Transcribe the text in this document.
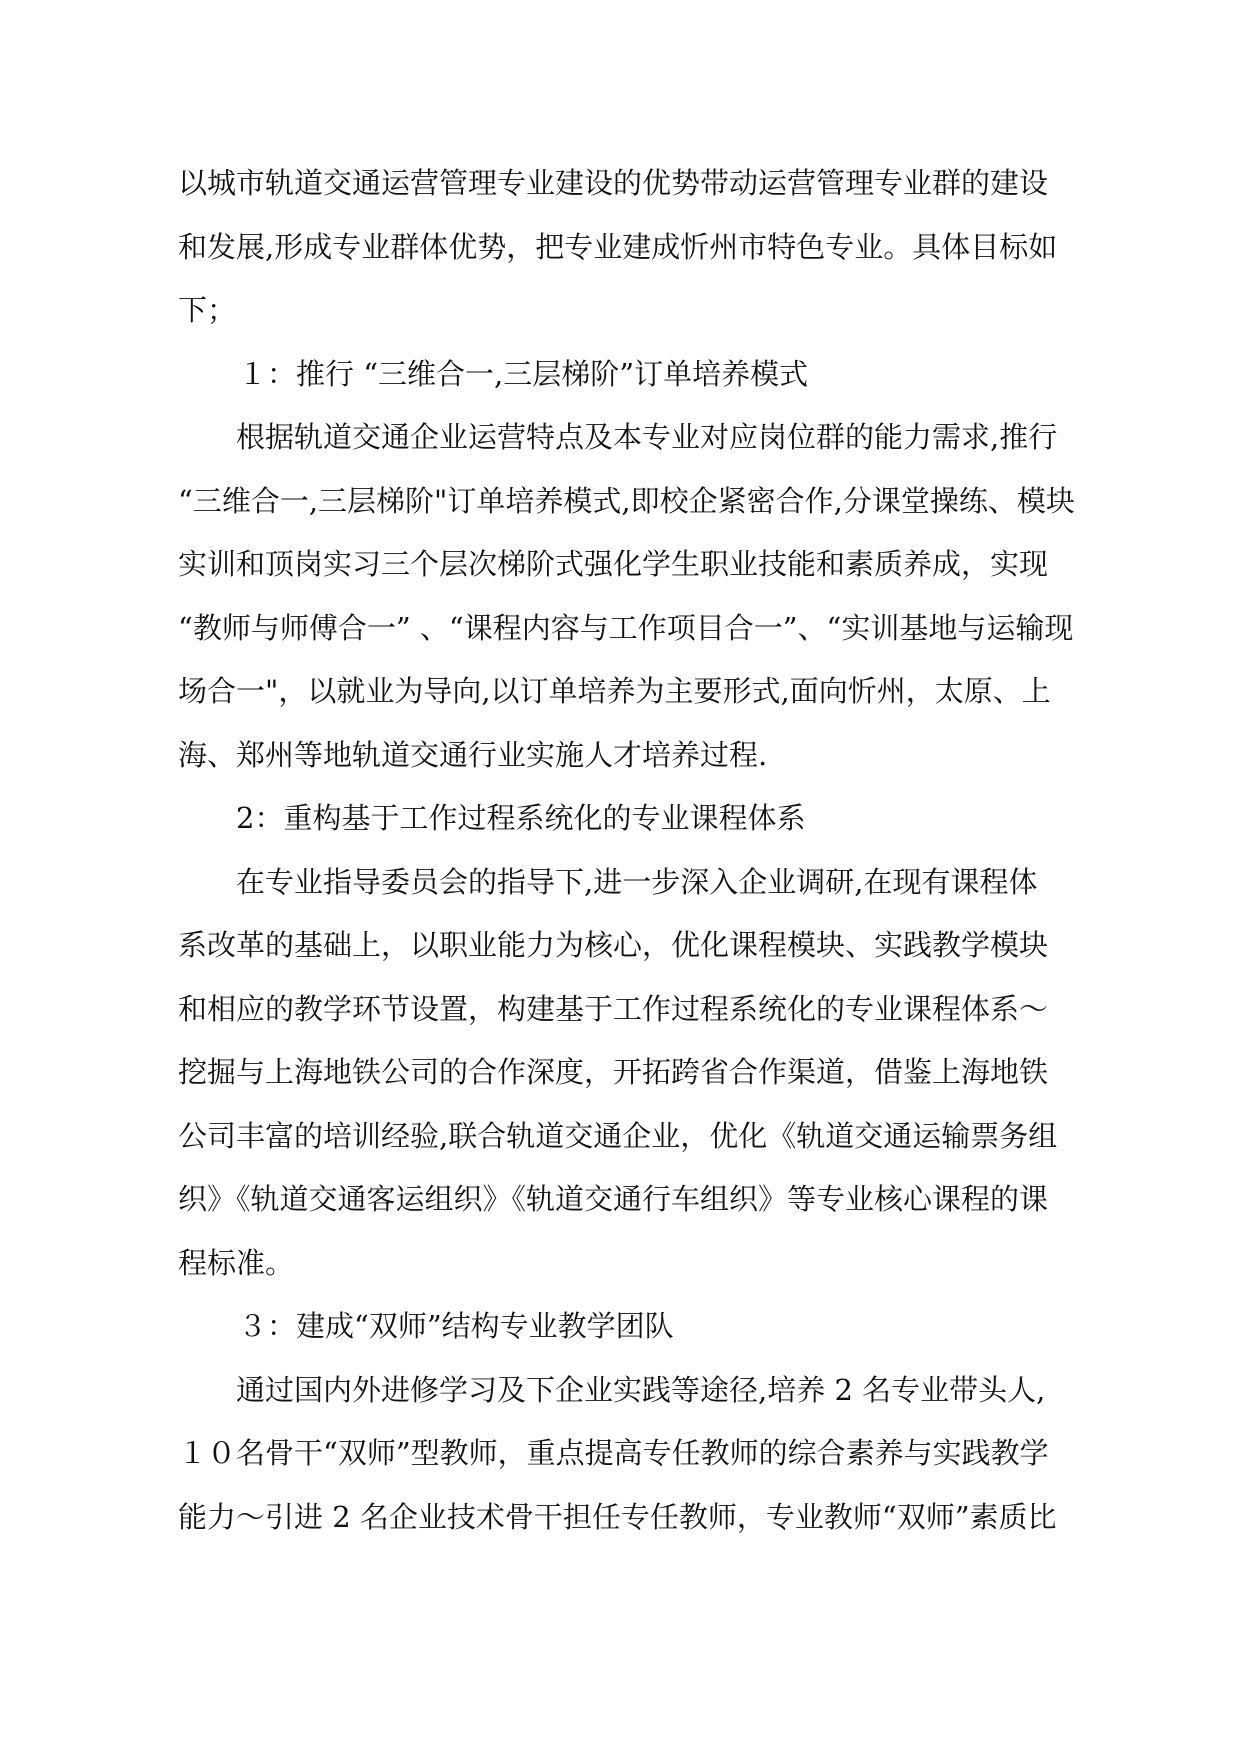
以城市轨道交通运营管理专业建设的优势带动运营管理专业群的建设
和发展,形成专业群体优势，把专业建成忻州市特色专业。具体目标如
下；
１：推行 “三维合一,三层梯阶”订单培养模式
根据轨道交通企业运营特点及本专业对应岗位群的能力需求,推行
“三维合一,三层梯阶"订单培养模式,即校企紧密合作,分课堂操练、模块
实训和顶岗实习三个层次梯阶式强化学生职业技能和素质养成，实现
“教师与师傅合一” 、“课程内容与工作项目合一”、“实训基地与运输现
场合一"，以就业为导向,以订单培养为主要形式,面向忻州，太原、上
海、郑州等地轨道交通行业实施人才培养过程.
2：重构基于工作过程系统化的专业课程体系
在专业指导委员会的指导下,进一步深入企业调研,在现有课程体
系改革的基础上，以职业能力为核心，优化课程模块、实践教学模块
和相应的教学环节设置，构建基于工作过程系统化的专业课程体系～
挖掘与上海地铁公司的合作深度，开拓跨省合作渠道，借鉴上海地铁
公司丰富的培训经验,联合轨道交通企业，优化《轨道交通运输票务组
织》《轨道交通客运组织》《轨道交通行车组织》等专业核心课程的课
程标准。
３：建成“双师”结构专业教学团队
通过国内外进修学习及下企业实践等途径,培养 2 名专业带头人,
１０名骨干“双师”型教师，重点提高专任教师的综合素养与实践教学
能力～引进 2 名企业技术骨干担任专任教师，专业教师“双师”素质比
